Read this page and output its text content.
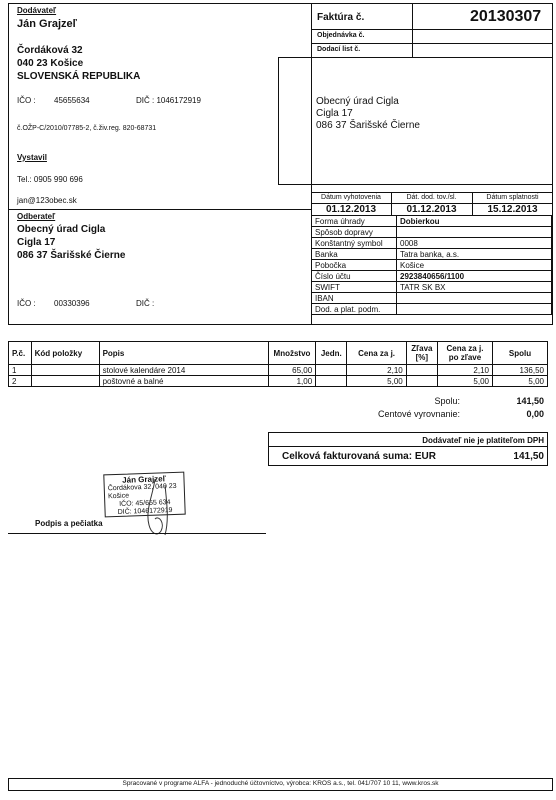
Dodávateľ
Ján Grajzeľ
Čordáková 32
040 23 Košice
SLOVENSKÁ REPUBLIKA
IČO : 45655634	DIČ : 1046172919
č.OŽP-C/2010/07785-2, č.živ.reg. 820-68731
Vystavil
Tel.: 0905 990 696
jan@123obec.sk
Odberateľ
Obecný úrad Cigla
Cigla 17
086 37 Šarišské Čierne
IČO : 00330396	DIČ :
Faktúra č.	20130307
Objednávka č.
Dodací list č.
Obecný úrad Cigla
Cigla 17
086 37 Šarišské Čierne
Dátum vyhotovenia	Dát. dod. tov./sl.	Dátum splatnosti
01.12.2013	01.12.2013	15.12.2013
Forma úhrady	Dobierkou
Spôsob dopravy	
Konštantný symbol	0008
Banka	Tatra banka, a.s.
Pobočka	Košice
Číslo účtu	2923840656/1100
SWIFT	TATR SK BX
IBAN	
Dod. a plat. podm.	
P.č.	Kód položky	Popis	Množstvo	Jedn.	Cena za j.	Zľava [%]	Cena za j. po zľave	Spolu
1		stolové kalendáre 2014	65,00		2,10		2,10	136,50
2		poštovné a balné	1,00		5,00		5,00	5,00
Spolu:	141,50
Centové vyrovnanie:	0,00
Dodávateľ nie je platiteľom DPH
Celková fakturovaná suma: EUR	141,50
Ján Grajzeľ
Čordákova 32, 040 23 Košice
IČO: 45/655 634
DIČ: 1046172919
Podpis a pečiatka
Spracované v programe ALFA - jednoduché účtovníctvo, výrobca: KROS a.s., tel. 041/707 10 11, www.kros.sk
